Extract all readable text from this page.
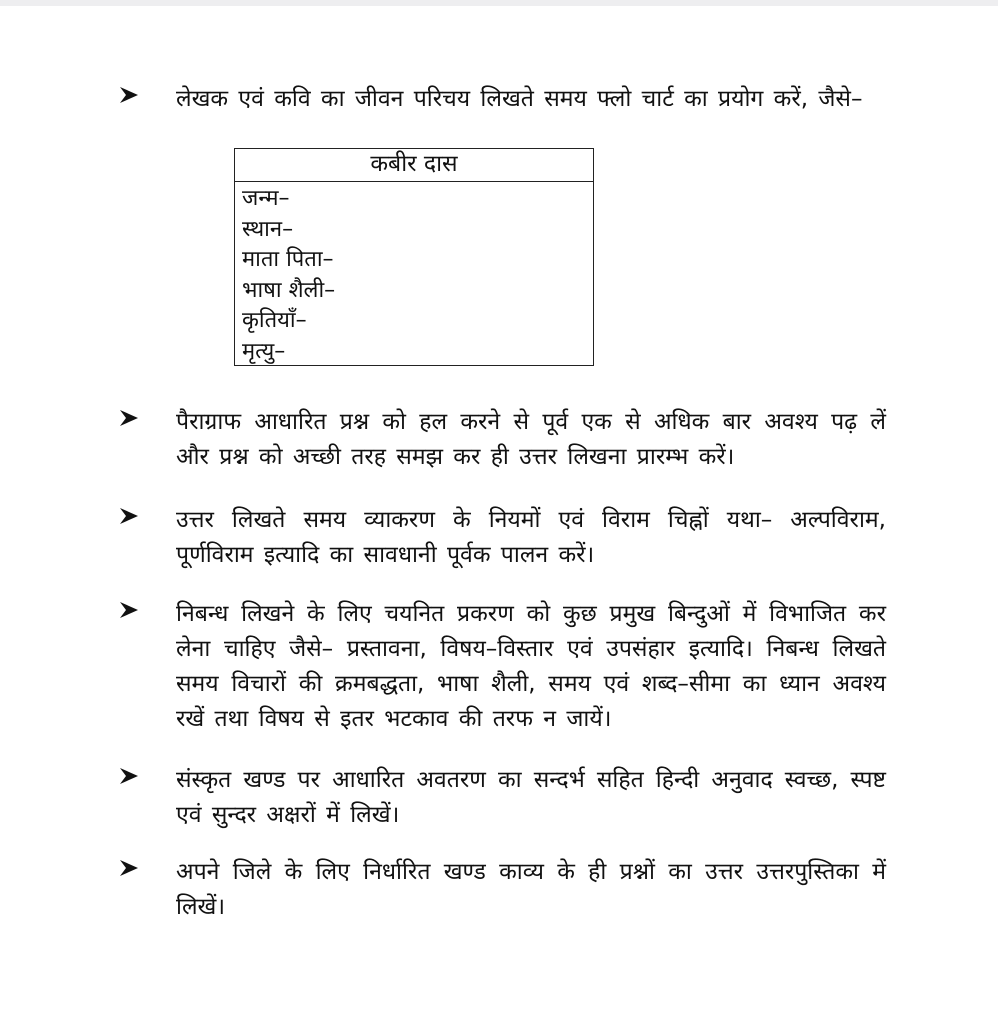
लेखक एवं कवि का जीवन परिचय लिखते समय फ्लो चार्ट का प्रयोग करें, जैसे–
कबीर दास
जन्म–
स्थान–
माता पिता–
भाषा शैली–
कृतियाँ–
मृत्यु–
पैराग्राफ आधारित प्रश्न को हल करने से पूर्व एक से अधिक बार अवश्य पढ़ लें और प्रश्न को अच्छी तरह समझ कर ही उत्तर लिखना प्रारम्भ करें।
उत्तर लिखते समय व्याकरण के नियमों एवं विराम चिह्नों यथा– अल्पविराम, पूर्णविराम इत्यादि का सावधानी पूर्वक पालन करें।
निबन्ध लिखने के लिए चयनित प्रकरण को कुछ प्रमुख बिन्दुओं में विभाजित कर लेना चाहिए जैसे– प्रस्तावना, विषय–विस्तार एवं उपसंहार इत्यादि। निबन्ध लिखते समय विचारों की क्रमबद्धता, भाषा शैली, समय एवं शब्द–सीमा का ध्यान अवश्य रखें तथा विषय से इतर भटकाव की तरफ न जायें।
संस्कृत खण्ड पर आधारित अवतरण का सन्दर्भ सहित हिन्दी अनुवाद स्वच्छ, स्पष्ट एवं सुन्दर अक्षरों में लिखें।
अपने जिले के लिए निर्धारित खण्ड काव्य के ही प्रश्नों का उत्तर उत्तरपुस्तिका में लिखें।
